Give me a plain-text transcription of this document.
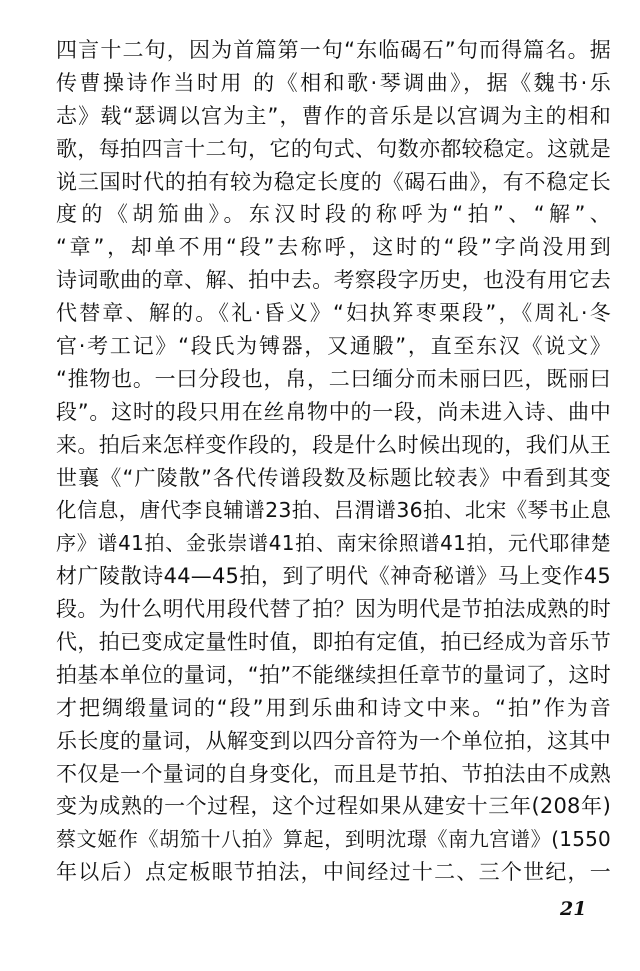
四言十二句，因为首篇第一句“东临碣石”句而得篇名。据
传曹操诗作当时用 的《相和歌·琴调曲》，据《魏书·乐
志》载“瑟调以宫为主”，曹作的音乐是以宫调为主的相和
歌，每拍四言十二句，它的句式、句数亦都较稳定。这就是
说三国时代的拍有较为稳定长度的《碣石曲》，有不稳定长
度的《胡笳曲》。东汉时段的称呼为“拍”、“解”、
“章”，却单不用“段”去称呼，这时的“段”字尚没用到
诗词歌曲的章、解、拍中去。考察段字历史，也没有用它去
代替章、解的。《礼·昏义》“妇执笲枣栗段”，《周礼·冬
官·考工记》“段氏为镈器，又通腶”，直至东汉《说文》
“推物也。一曰分段也，帛，二曰缅分而未丽曰匹，既丽曰
段”。这时的段只用在丝帛物中的一段，尚未进入诗、曲中
来。拍后来怎样变作段的，段是什么时候出现的，我们从王
世襄《“广陵散”各代传谱段数及标题比较表》中看到其变
化信息，唐代李良辅谱23拍、吕渭谱36拍、北宋《琴书止息
序》谱41拍、金张崇谱41拍、南宋徐照谱41拍，元代耶律楚
材广陵散诗44—45拍，到了明代《神奇秘谱》马上变作45
段。为什么明代用段代替了拍？因为明代是节拍法成熟的时
代，拍已变成定量性时值，即拍有定值，拍已经成为音乐节
拍基本单位的量词，“拍”不能继续担任章节的量词了，这时
才把绸缎量词的“段”用到乐曲和诗文中来。“拍”作为音
乐长度的量词，从解变到以四分音符为一个单位拍，这其中
不仅是一个量词的自身变化，而且是节拍、节拍法由不成熟
变为成熟的一个过程，这个过程如果从建安十三年(208年)
蔡文姬作《胡笳十八拍》算起，到明沈璟《南九宫谱》(1550
年以后）点定板眼节拍法，中间经过十二、三个世纪，一
21
